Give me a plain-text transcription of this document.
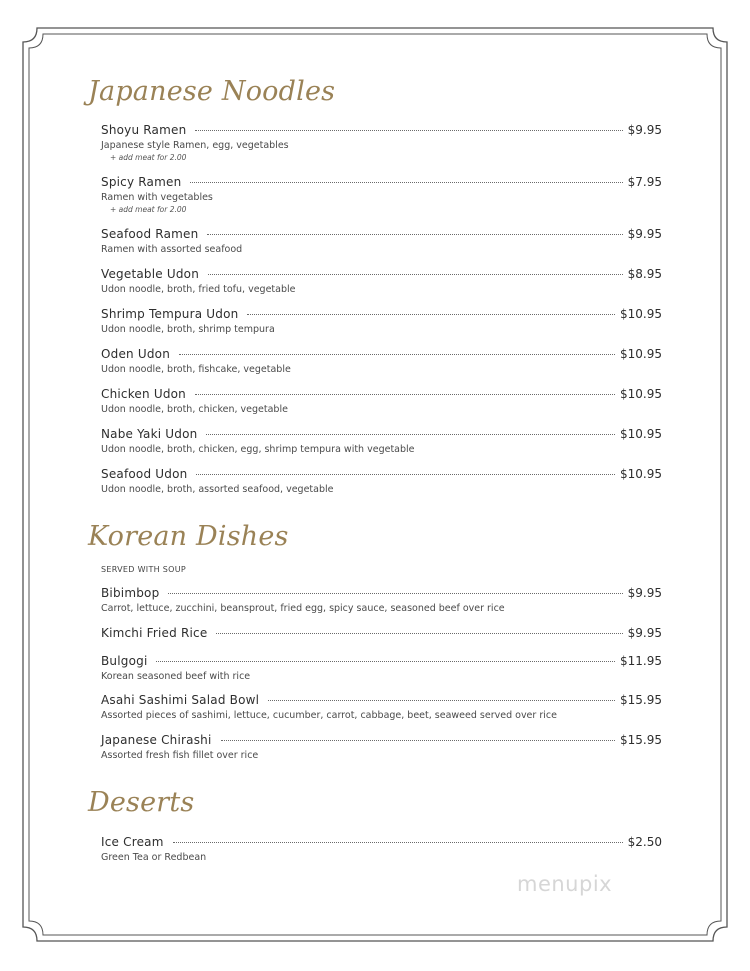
Japanese Noodles
Shoyu Ramen	$9.95
Japanese style Ramen, egg, vegetables
+ add meat for 2.00
Spicy Ramen	$7.95
Ramen with vegetables
+ add meat for 2.00
Seafood Ramen	$9.95
Ramen with assorted seafood
Vegetable Udon	$8.95
Udon noodle, broth, fried tofu, vegetable
Shrimp Tempura Udon	$10.95
Udon noodle, broth, shrimp tempura
Oden Udon	$10.95
Udon noodle, broth, fishcake, vegetable
Chicken Udon	$10.95
Udon noodle, broth, chicken, vegetable
Nabe Yaki Udon	$10.95
Udon noodle, broth, chicken, egg, shrimp tempura with vegetable
Seafood Udon	$10.95
Udon noodle, broth, assorted seafood, vegetable
Korean Dishes
SERVED WITH SOUP
Bibimbop	$9.95
Carrot, lettuce, zucchini, beansprout, fried egg, spicy sauce, seasoned beef over rice
Kimchi Fried Rice	$9.95
Bulgogi	$11.95
Korean seasoned beef with rice
Asahi Sashimi Salad Bowl	$15.95
Assorted pieces of sashimi, lettuce, cucumber, carrot, cabbage, beet, seaweed served over rice
Japanese Chirashi	$15.95
Assorted fresh fish fillet over rice
Deserts
Ice Cream	$2.50
Green Tea or Redbean
menupix
